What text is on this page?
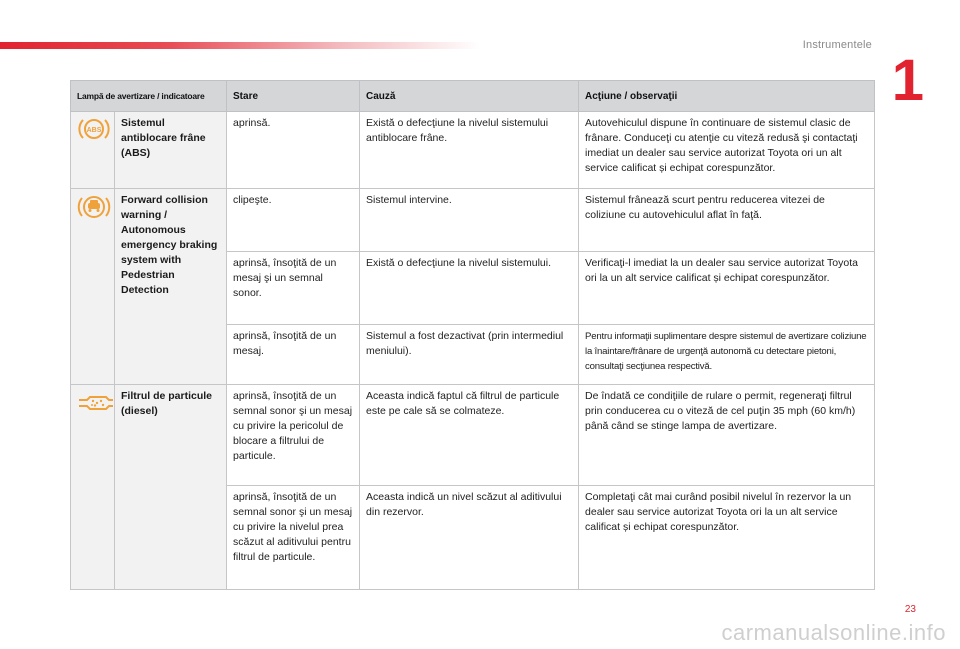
Instrumentele
1
Lampă de avertizare / indicatoare		Stare	Cauză	Acţiune / observaţii

ABS	Sistemul antiblocare frâne (ABS)	aprinsă.	Există o defecţiune la nivelul sistemului antiblocare frâne.	Autovehiculul dispune în continuare de sistemul clasic de frânare. Conduceţi cu atenţie cu viteză redusă şi contactaţi imediat un dealer sau service autorizat Toyota ori un alt service calificat și echipat corespunzător.
	Forward collision warning / Autonomous emergency braking system with Pedestrian Detection	clipeşte.	Sistemul intervine.	Sistemul frânează scurt pentru reducerea vitezei de coliziune cu autovehiculul aflat în faţă.
		aprinsă, însoţită de un mesaj şi un semnal sonor.	Există o defecţiune la nivelul sistemului.	Verificaţi-l imediat la un dealer sau service autorizat Toyota ori la un alt service calificat și echipat corespunzător.
		aprinsă, însoţită de un mesaj.	Sistemul a fost dezactivat (prin intermediul meniului).	Pentru informaţii suplimentare despre sistemul de avertizare coliziune la înaintare/frânare de urgenţă autonomă cu detectare pietoni, consultaţi secţiunea respectivă.
	Filtrul de particule (diesel)	aprinsă, însoţită de un semnal sonor şi un mesaj cu privire la pericolul de blocare a filtrului de particule.	Aceasta indică faptul că filtrul de particule este pe cale să se colmateze.	De îndată ce condiţiile de rulare o permit, regeneraţi filtrul prin conducerea cu o viteză de cel puţin 35 mph (60 km/h) până când se stinge lampa de avertizare.
		aprinsă, însoţită de un semnal sonor şi un mesaj cu privire la nivelul prea scăzut al aditivului pentru filtrul de particule.	Aceasta indică un nivel scăzut al aditivului din rezervor.	Completaţi cât mai curând posibil nivelul în rezervor la un dealer sau service autorizat Toyota ori la un alt service calificat și echipat corespunzător.
23
carmanualsonline.info
